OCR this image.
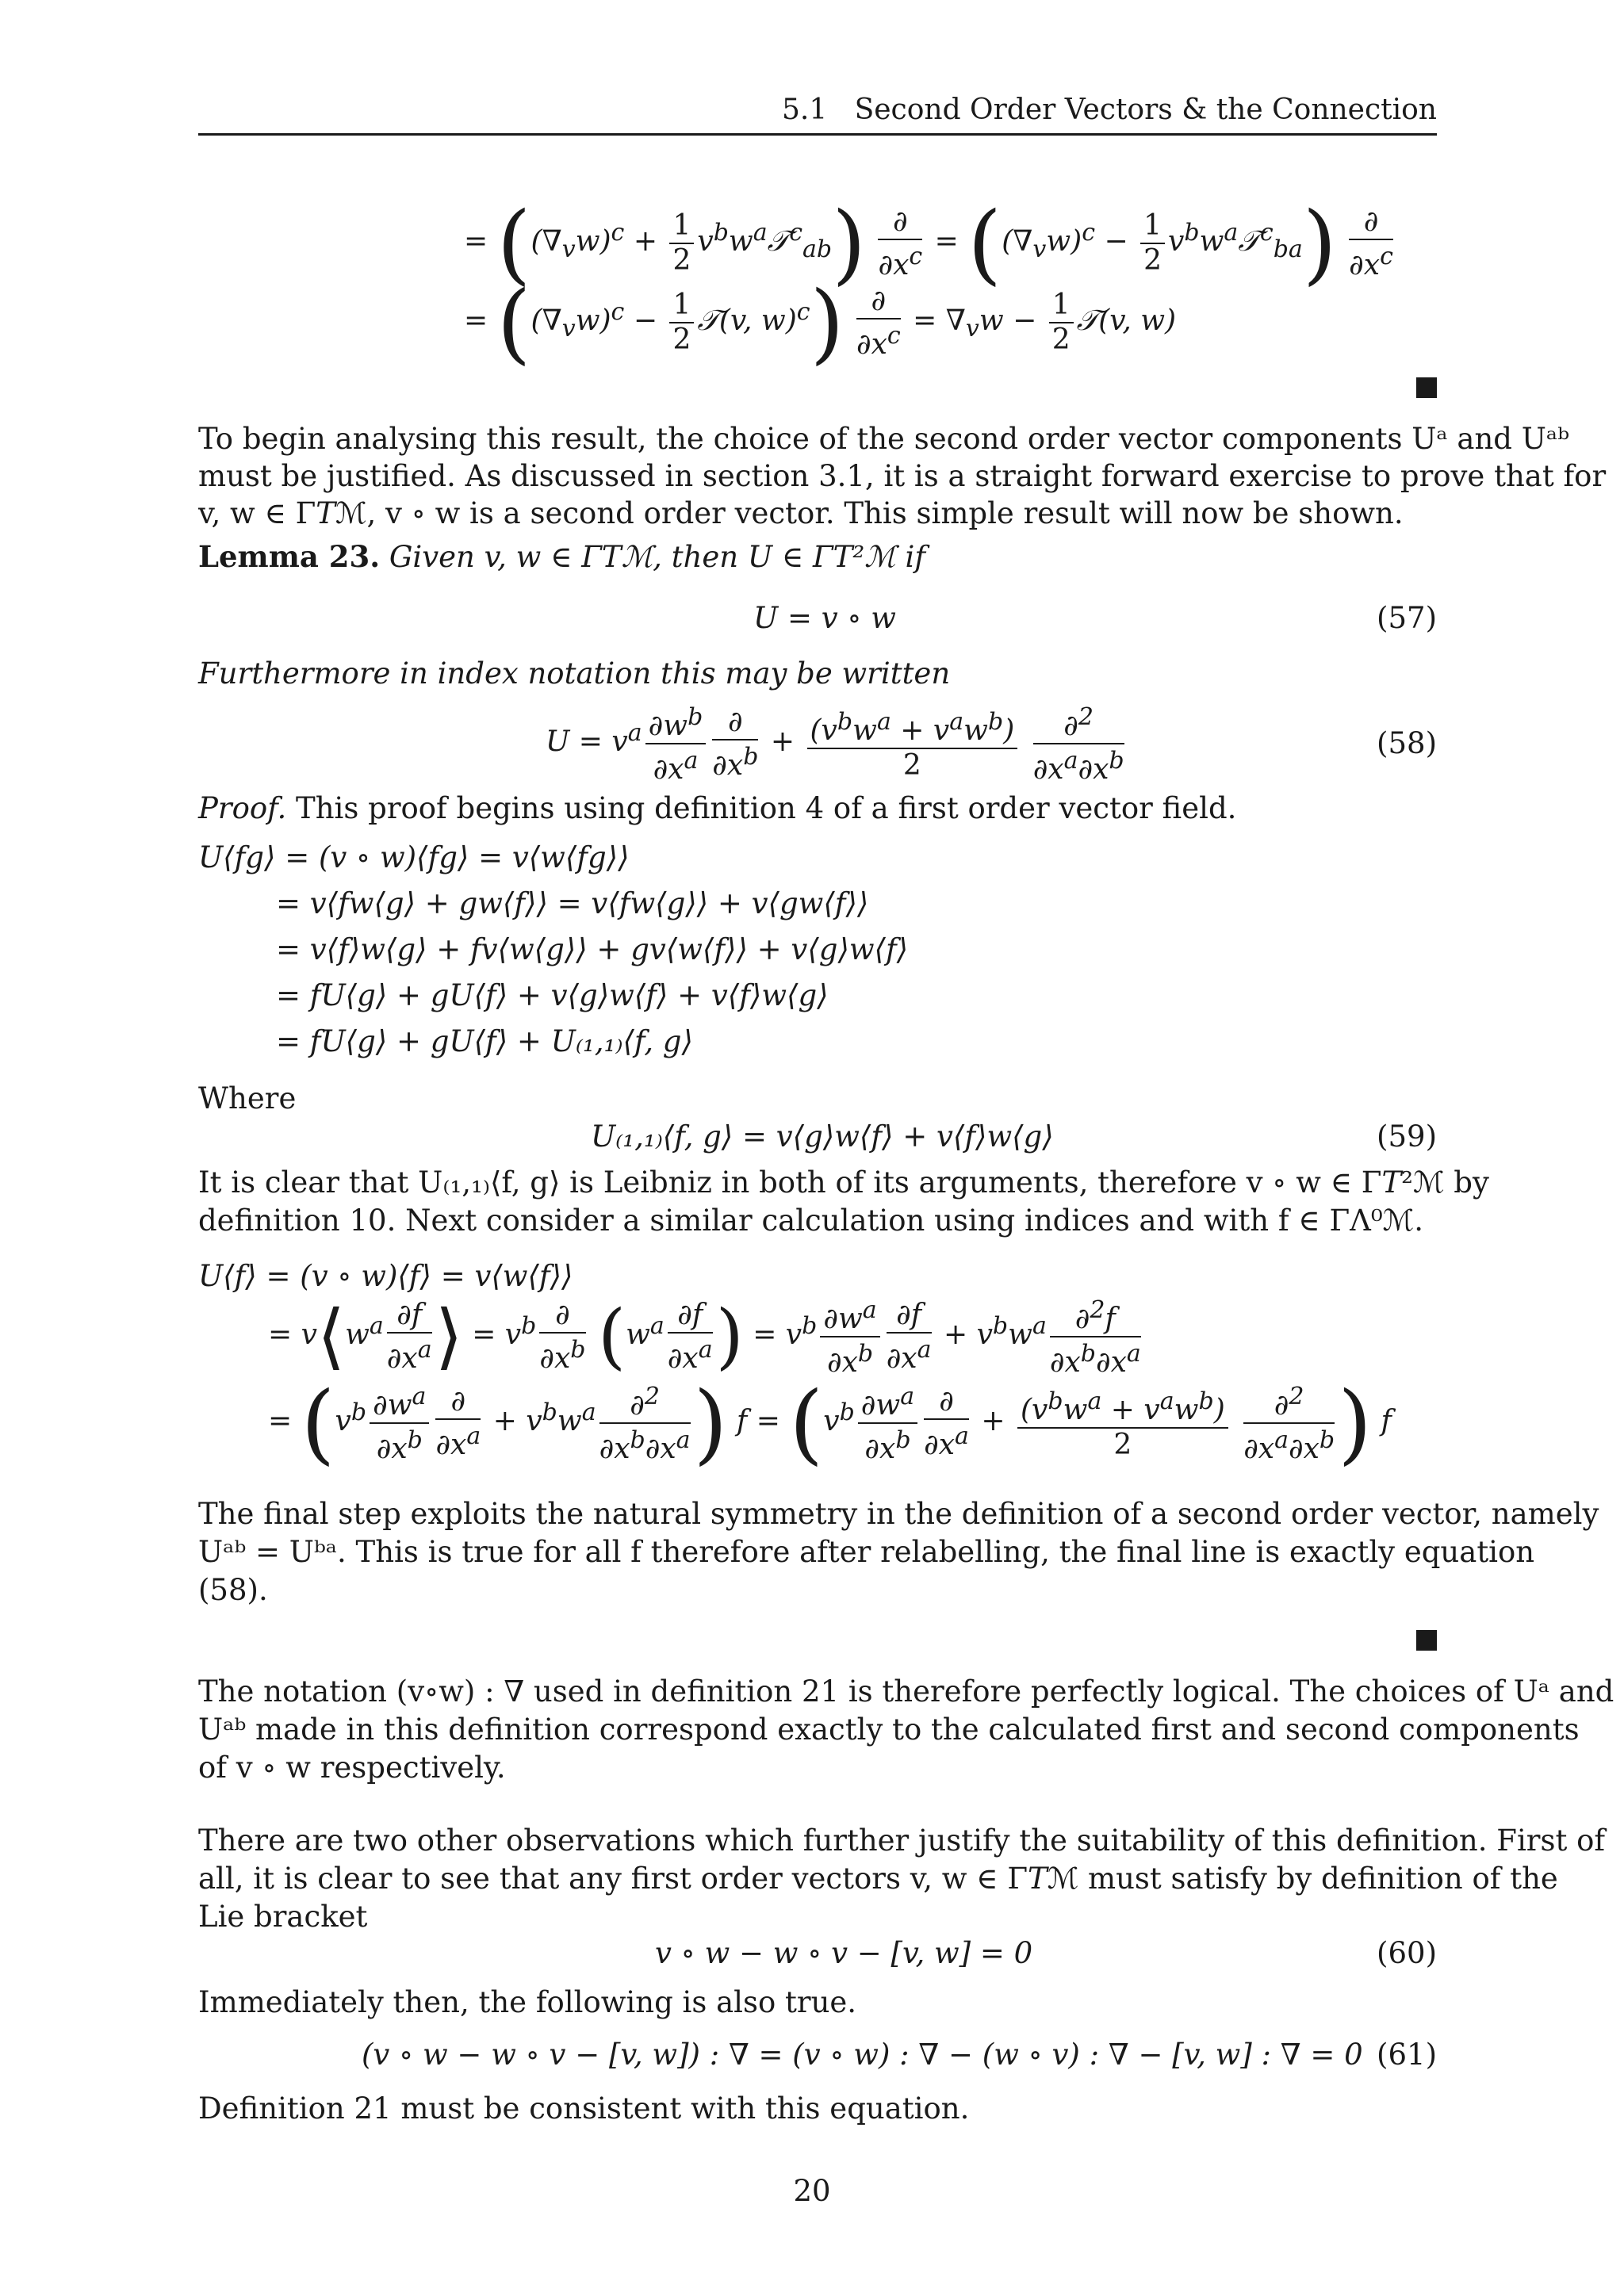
5.1 Second Order Vectors & the Connection
= ($(\nabla_vw)^c + \frac{1}{2}$ $v^bw^a𝒯^c_{ab}) \frac{\partial}{\partial x^c} = ((\nabla_vw)^c - \frac{1}{2}$ $v^bw^a𝒯^c_{ba}) \frac{\partial}{\partial x^c}$
= ($(\nabla_vw)^c - \frac{1}{2}$ 𝒯(v, $w)^c) \frac{\partial}{\partial x^c} = \nabla_vw - \frac{1}{2}$ 𝒯(v, w)
To begin analysing this result, the choice of the second order vector components Uᵃ and Uᵃᵇ
must be justified. As discussed in section 3.1, it is a straight forward exercise to prove that for
v, w ∈ Γ𝑇ℳ, v ∘ w is a second order vector. This simple result will now be shown.
Lemma 23. Given v, w ∈ Γ𝑇ℳ, then U ∈ Γ𝑇²ℳ if
U = v ∘ w	(57)
Furthermore in index notation this may be written
$U = v^a \frac{\partial w^b}{\partial x^a} \frac{\partial}{\partial x^b} + \frac{(v^bw^a + v^aw^b)}{2}$
$\frac{\partial^2}{\partial x^a\partial x^b}$	(58)
Proof. This proof begins using definition 4 of a first order vector field.
U⟨fg⟩ = (v ∘ w)⟨fg⟩ = v⟨w⟨fg⟩⟩
= v⟨fw⟨g⟩ + gw⟨f⟩⟩ = v⟨fw⟨g⟩⟩ + v⟨gw⟨f⟩⟩
= v⟨f⟩w⟨g⟩ + fv⟨w⟨g⟩⟩ + gv⟨w⟨f⟩⟩ + v⟨g⟩w⟨f⟩
= fU⟨g⟩ + gU⟨f⟩ + v⟨g⟩w⟨f⟩ + v⟨f⟩w⟨g⟩
= fU⟨g⟩ + gU⟨f⟩ + U₍₁,₁₎⟨f, g⟩
Where
U₍₁,₁₎⟨f, g⟩ = v⟨g⟩w⟨f⟩ + v⟨f⟩w⟨g⟩	(59)
It is clear that U₍₁,₁₎⟨f, g⟩ is Leibniz in both of its arguments, therefore v ∘ w ∈ Γ𝑇²ℳ by
definition 10. Next consider a similar calculation using indices and with f ∈ ΓΛ⁰ℳ.
U⟨f⟩ = (v ∘ w)⟨f⟩ = v⟨w⟨f⟩⟩
= $v⟨w^a \frac{\partial f}{\partial x^a}$ ⟩ = $v^b \frac{\partial}{\partial x^b} (w^a \frac{\partial f}{\partial x^a}$ ) = $v^b \frac{\partial w^a}{\partial x^b} \frac{\partial f}{\partial x^a} + v^bw^a \frac{\partial^2f}{\partial x^b\partial x^a}$
= ($v^b \frac{\partial w^a}{\partial x^b} \frac{\partial}{\partial x^a} + v^bw^a \frac{\partial^2}{\partial x^b\partial x^a}$ ) $f = (v^b \frac{\partial w^a}{\partial x^b} \frac{\partial}{\partial x^a} + \frac{(v^bw^a + v^aw^b)}{2}$
$\frac{\partial^2}{\partial x^a\partial x^b}$ ) f
The final step exploits the natural symmetry in the definition of a second order vector, namely
Uᵃᵇ = Uᵇᵃ. This is true for all f therefore after relabelling, the final line is exactly equation
(58).
The notation (v∘w) : ∇ used in definition 21 is therefore perfectly logical. The choices of Uᵃ and
Uᵃᵇ made in this definition correspond exactly to the calculated first and second components
of v ∘ w respectively.
There are two other observations which further justify the suitability of this definition. First of
all, it is clear to see that any first order vectors v, w ∈ Γ𝑇ℳ must satisfy by definition of the
Lie bracket
v ∘ w − w ∘ v − [v, w] = 0	(60)
Immediately then, the following is also true.
(v ∘ w − w ∘ v − [v, w]) : ∇ = (v ∘ w) : ∇ − (w ∘ v) : ∇ − [v, w] : ∇ = 0 (61)
Definition 21 must be consistent with this equation.
20
